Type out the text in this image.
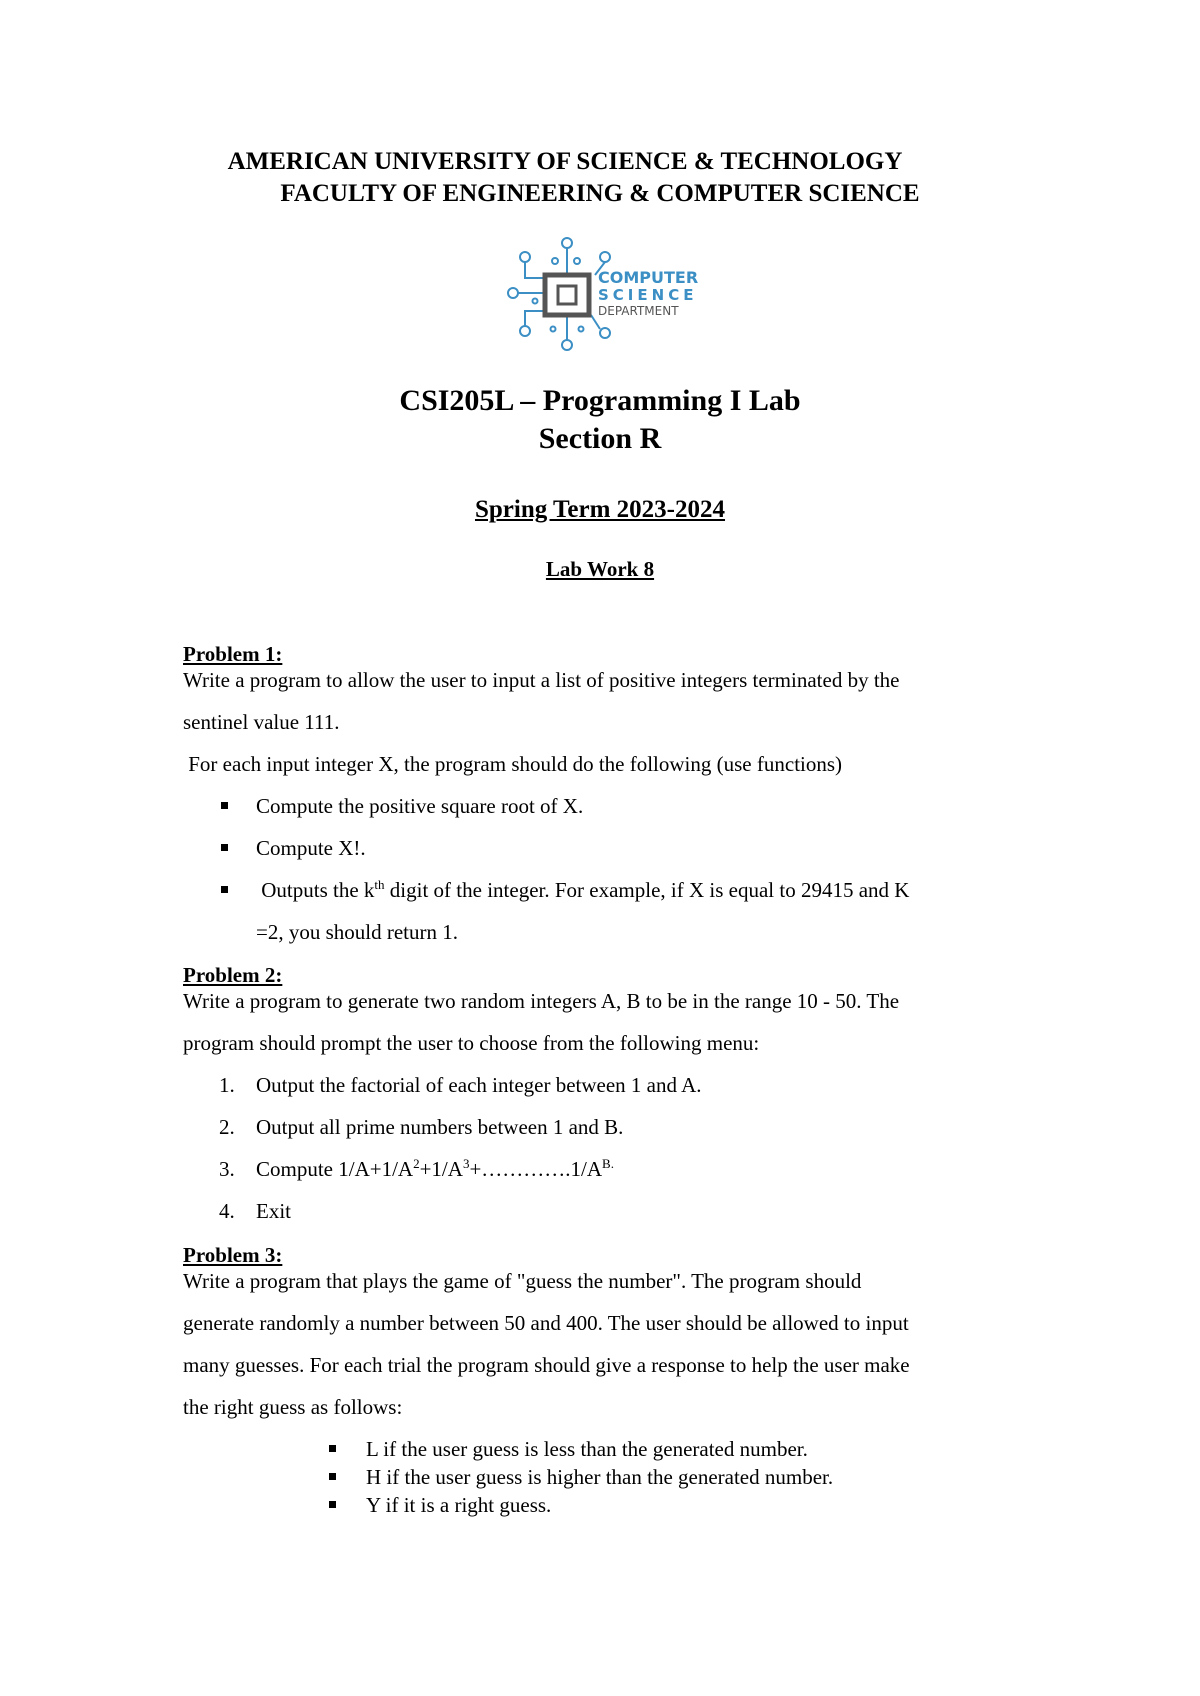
AMERICAN UNIVERSITY OF SCIENCE & TECHNOLOGY
FACULTY OF ENGINEERING & COMPUTER SCIENCE
COMPUTER
SCIENCE
DEPARTMENT
CSI205L – Programming I Lab
Section R
Spring Term 2023-2024
Lab Work 8
Problem 1:
Write a program to allow the user to input a list of positive integers terminated by the
sentinel value 111.
For each input integer X, the program should do the following (use functions)
Compute the positive square root of X.
Compute X!.
Outputs the $k^{th}$ digit of the integer. For example, if X is equal to 29415 and K
=2, you should return 1.
Problem 2:
Write a program to generate two random integers A, B to be in the range 10 - 50. The
program should prompt the user to choose from the following menu:
1. Output the factorial of each integer between 1 and A.
2. Output all prime numbers between 1 and B.
3. Compute $1/A+1/A^2+1/A^3+\dots\dots\dots\dots.1/A^{B.}$
4. Exit
Problem 3:
Write a program that plays the game of "guess the number". The program should
generate randomly a number between 50 and 400. The user should be allowed to input
many guesses. For each trial the program should give a response to help the user make
the right guess as follows:
L if the user guess is less than the generated number.
H if the user guess is higher than the generated number.
Y if it is a right guess.
